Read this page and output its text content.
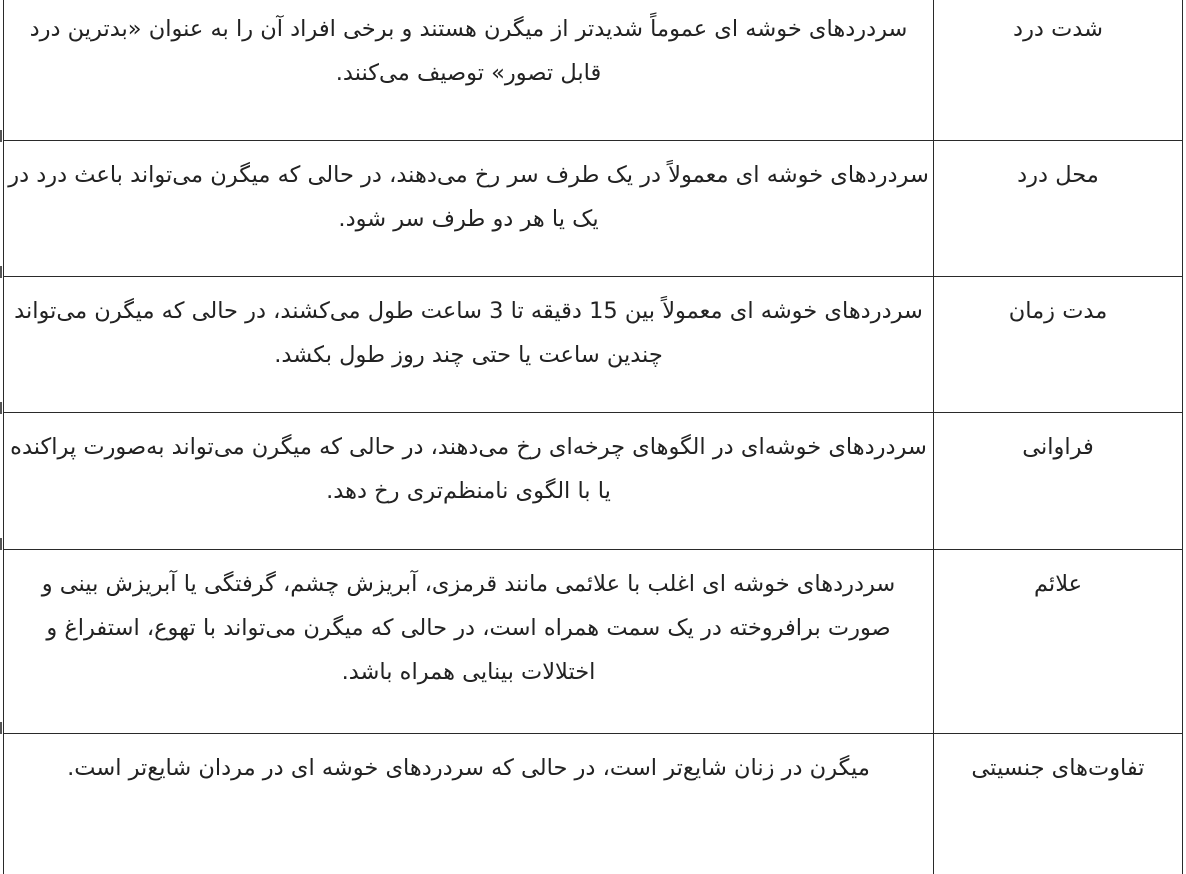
شدت درد	سردردهای خوشه ای عموماً شدیدتر از میگرن هستند و برخی افراد آن را به عنوان «بدترین درد قابل تصور» توصیف می‌کنند.
محل درد	سردردهای خوشه ای معمولاً در یک طرف سر رخ می‌دهند، در حالی که میگرن می‌تواند باعث درد در یک یا هر دو طرف سر شود.
مدت زمان	سردردهای خوشه ای معمولاً بین 15 دقیقه تا 3 ساعت طول می‌کشند، در حالی که میگرن می‌تواند چندین ساعت یا حتی چند روز طول بکشد.
فراوانی	سردردهای خوشه‌ای در الگوهای چرخه‌ای رخ می‌دهند، در حالی که میگرن می‌تواند به‌صورت پراکنده یا با الگوی نامنظم‌تری رخ دهد.
علائم	سردردهای خوشه ای اغلب با علائمی مانند قرمزی، آبریزش چشم، گرفتگی یا آبریزش بینی و صورت برافروخته در یک سمت همراه است، در حالی که میگرن می‌تواند با تهوع، استفراغ و اختلالات بینایی همراه باشد.
تفاوت‌های جنسیتی	میگرن در زنان شایع‌تر است، در حالی که سردردهای خوشه ای در مردان شایع‌تر است.
